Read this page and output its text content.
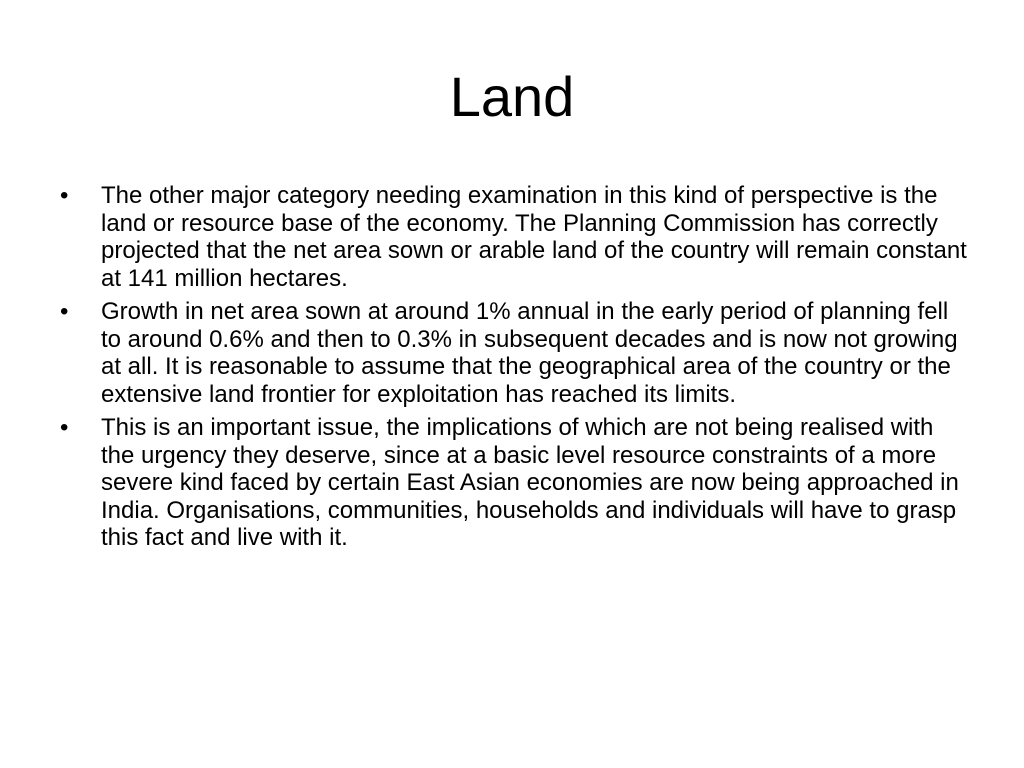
Land
• The other major category needing examination in this kind of perspective is the land or resource base of the economy. The Planning Commission has correctly projected that the net area sown or arable land of the country will remain constant at 141 million hectares.
• Growth in net area sown at around 1% annual in the early period of planning fell to around 0.6% and then to 0.3% in subsequent decades and is now not growing at all. It is reasonable to assume that the geographical area of the country or the extensive land frontier for exploitation has reached its limits.
• This is an important issue, the implications of which are not being realised with the urgency they deserve, since at a basic level resource constraints of a more severe kind faced by certain East Asian economies are now being approached in India. Organisations, communities, households and individuals will have to grasp this fact and live with it.
